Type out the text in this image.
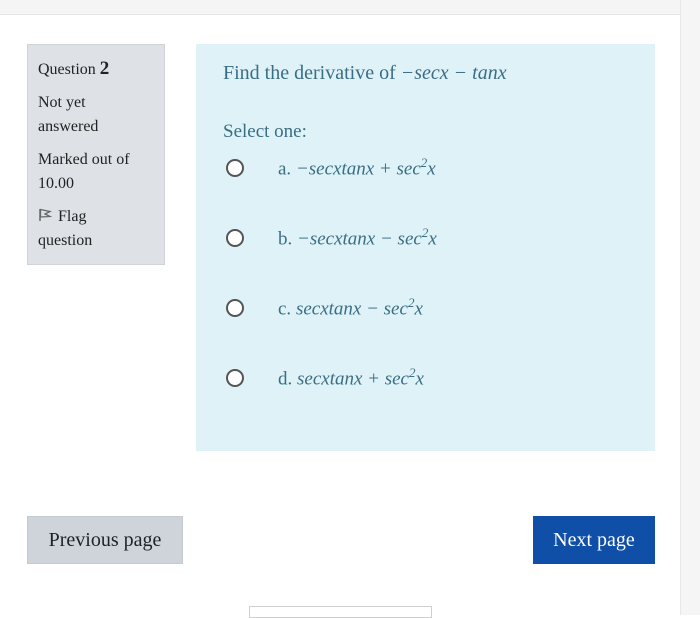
Question 2
Not yet
answered
Marked out of
10.00
Flag
question
Find the derivative of −secx − tanx
Select one:
a. −secxtanx + $\sec^2x$
b. −secxtanx − $\sec^2x$
c. secxtanx − $\sec^2x$
d. secxtanx + $\sec^2x$
Previous page	Next page
